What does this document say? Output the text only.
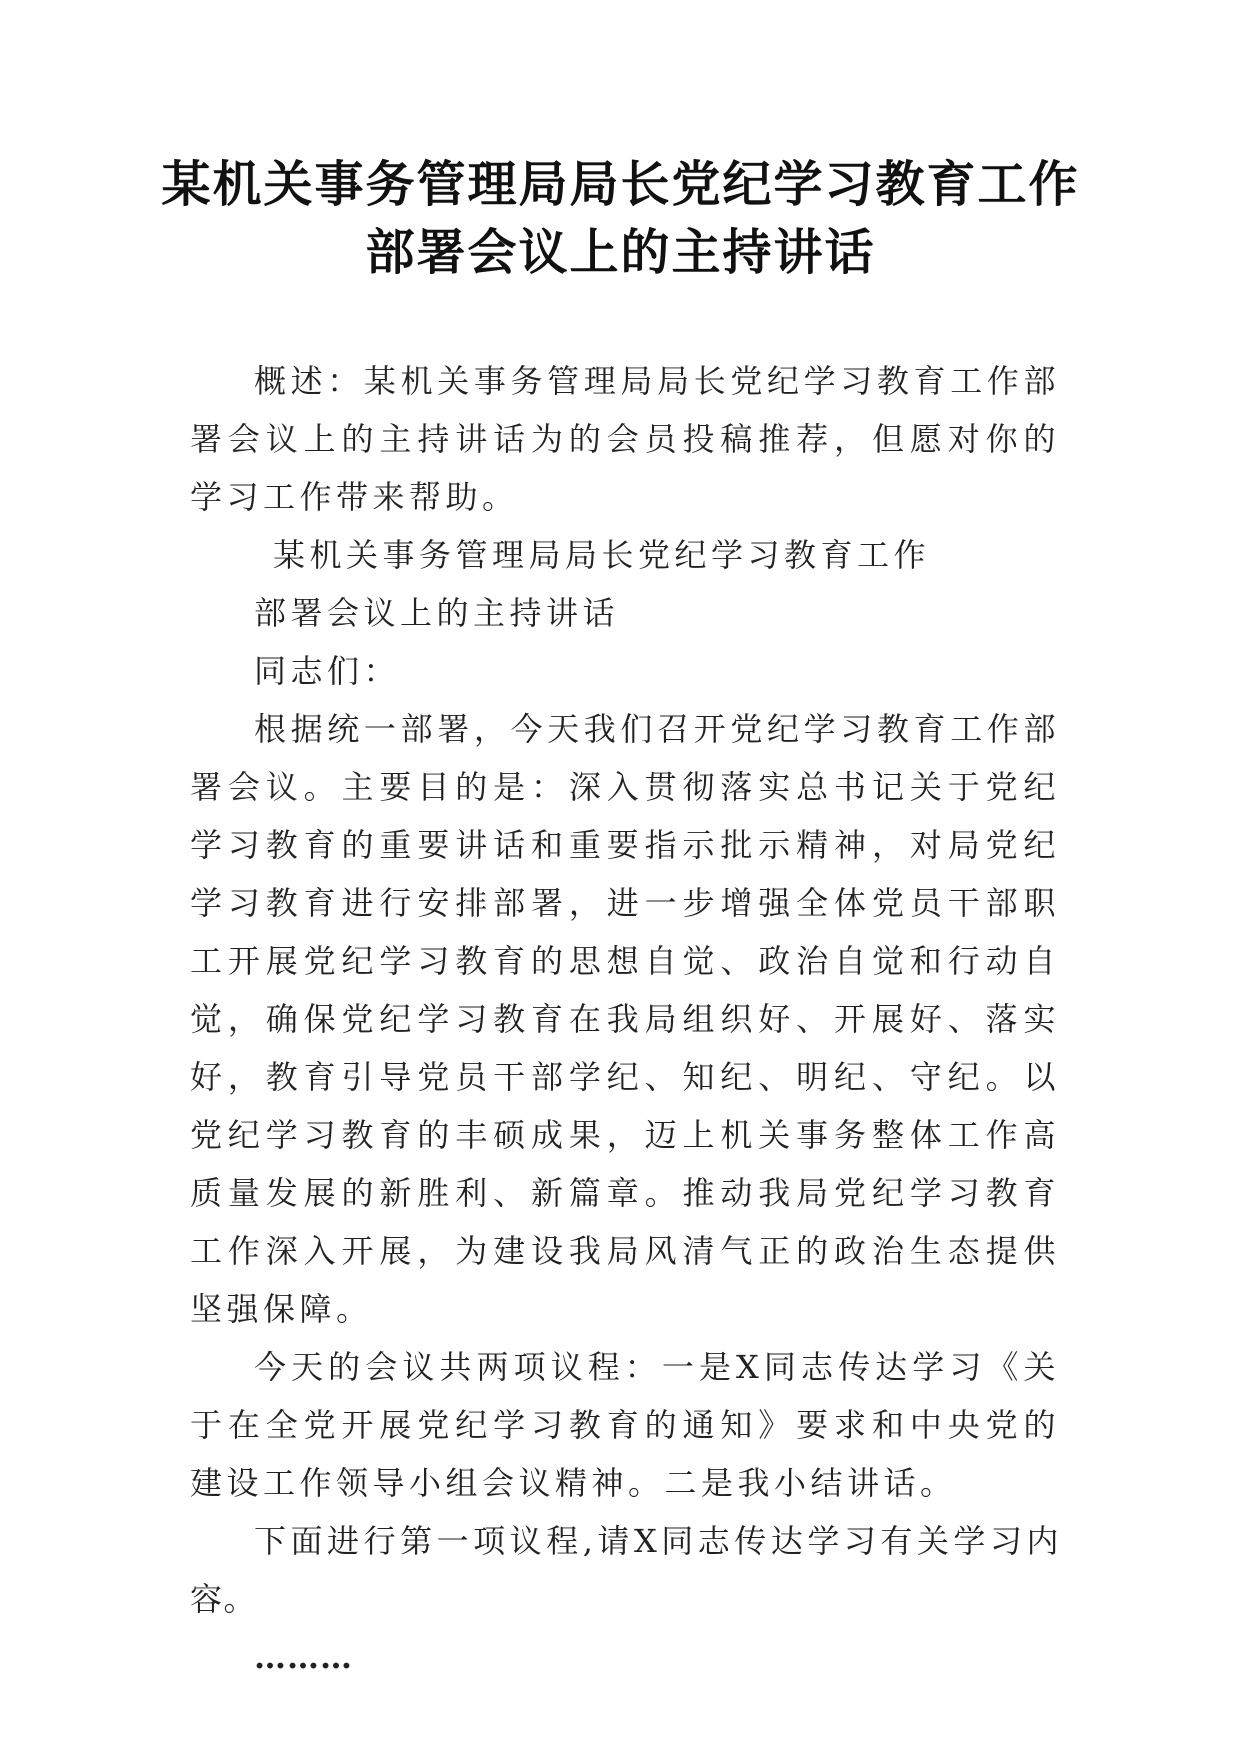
某机关事务管理局局长党纪学习教育工作
部署会议上的主持讲话

概述：某机关事务管理局局长党纪学习教育工作部署会议上的主持讲话为的会员投稿推荐，但愿对你的学习工作带来帮助。

某机关事务管理局局长党纪学习教育工作

部署会议上的主持讲话

同志们：

根据统一部署，今天我们召开党纪学习教育工作部署会议。主要目的是：深入贯彻落实总书记关于党纪学习教育的重要讲话和重要指示批示精神，对局党纪学习教育进行安排部署，进一步增强全体党员干部职工开展党纪学习教育的思想自觉、政治自觉和行动自觉，确保党纪学习教育在我局组织好、开展好、落实好，教育引导党员干部学纪、知纪、明纪、守纪。以党纪学习教育的丰硕成果，迈上机关事务整体工作高质量发展的新胜利、新篇章。推动我局党纪学习教育工作深入开展，为建设我局风清气正的政治生态提供坚强保障。

今天的会议共两项议程：一是X同志传达学习《关于在全党开展党纪学习教育的通知》要求和中央党的建设工作领导小组会议精神。二是我小结讲话。

下面进行第一项议程,请X同志传达学习有关学习内容。

………
